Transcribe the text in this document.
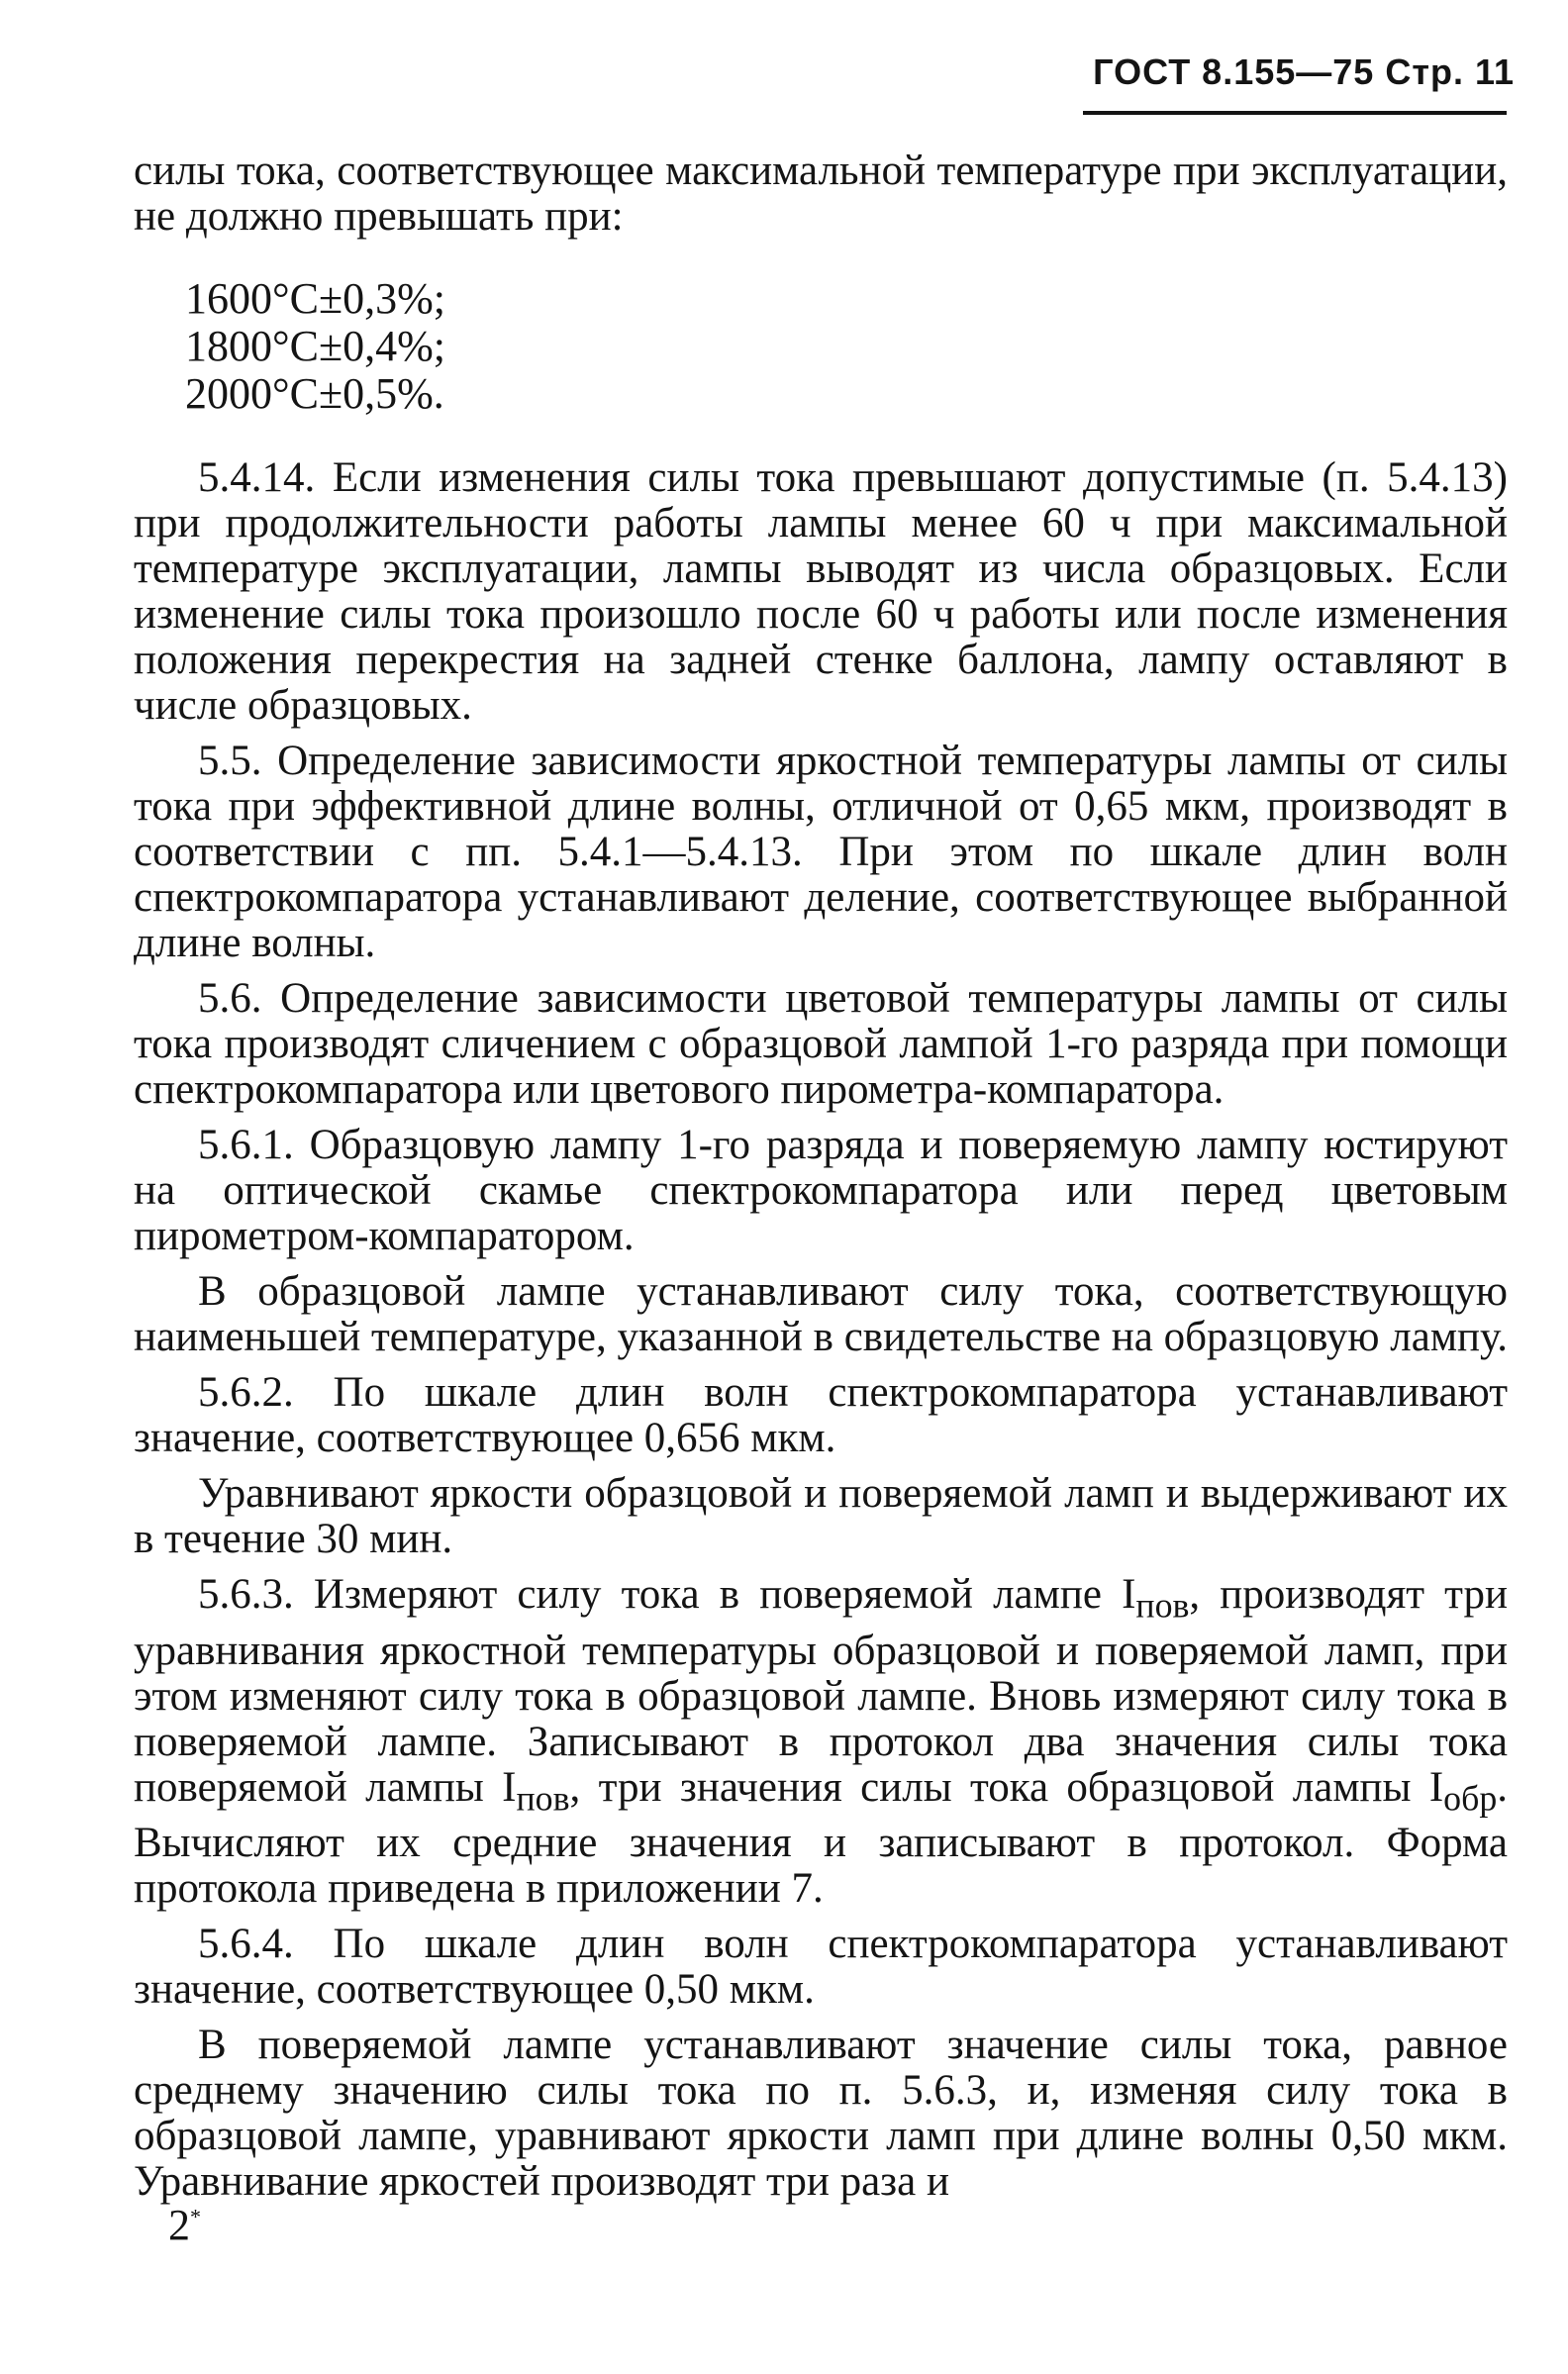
ГОСТ 8.155—75 Стр. 11

силы тока, соответствующее максимальной температуре при эксплуатации, не должно превышать при:

1600°C±0,3%;
1800°C±0,4%;
2000°C±0,5%.

5.4.14. Если изменения силы тока превышают допустимые (п. 5.4.13) при продолжительности работы лампы менее 60 ч при максимальной температуре эксплуатации, лампы выводят из числа образцовых. Если изменение силы тока произошло после 60 ч работы или после изменения положения перекрестия на задней стенке баллона, лампу оставляют в числе образцовых.

5.5. Определение зависимости яркостной температуры лампы от силы тока при эффективной длине волны, отличной от 0,65 мкм, производят в соответствии с пп. 5.4.1—5.4.13. При этом по шкале длин волн спектрокомпаратора устанавливают деление, соответствующее выбранной длине волны.

5.6. Определение зависимости цветовой температуры лампы от силы тока производят сличением с образцовой лампой 1-го разряда при помощи спектрокомпаратора или цветового пирометра-компаратора.

5.6.1. Образцовую лампу 1-го разряда и поверяемую лампу юстируют на оптической скамье спектрокомпаратора или перед цветовым пирометром-компаратором.

В образцовой лампе устанавливают силу тока, соответствующую наименьшей температуре, указанной в свидетельстве на образцовую лампу.

5.6.2. По шкале длин волн спектрокомпаратора устанавливают значение, соответствующее 0,656 мкм.

Уравнивают яркости образцовой и поверяемой ламп и выдерживают их в течение 30 мин.

5.6.3. Измеряют силу тока в поверяемой лампе $I_{пов}$, производят три уравнивания яркостной температуры образцовой и поверяемой ламп, при этом изменяют силу тока в образцовой лампе. Вновь измеряют силу тока в поверяемой лампе. Записывают в протокол два значения силы тока поверяемой лампы $I_{пов}$, три значения силы тока образцовой лампы $I_{обр}$. Вычисляют их средние значения и записывают в протокол. Форма протокола приведена в приложении 7.

5.6.4. По шкале длин волн спектрокомпаратора устанавливают значение, соответствующее 0,50 мкм.

В поверяемой лампе устанавливают значение силы тока, равное среднему значению силы тока по п. 5.6.3, и, изменяя силу тока в образцовой лампе, уравнивают яркости ламп при длине волны 0,50 мкм. Уравнивание яркостей производят три раза и

2*
